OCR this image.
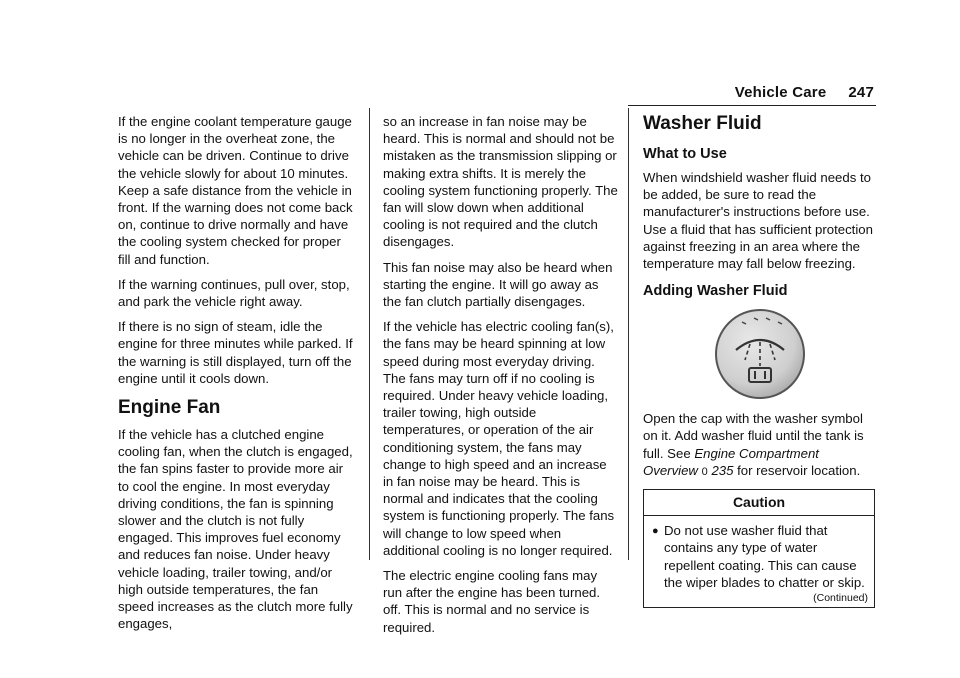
Vehicle Care 247

If the engine coolant temperature gauge is no longer in the overheat zone, the vehicle can be driven. Continue to drive the vehicle slowly for about 10 minutes. Keep a safe distance from the vehicle in front. If the warning does not come back on, continue to drive normally and have the cooling system checked for proper fill and function.

If the warning continues, pull over, stop, and park the vehicle right away.

If there is no sign of steam, idle the engine for three minutes while parked. If the warning is still displayed, turn off the engine until it cools down.

Engine Fan

If the vehicle has a clutched engine cooling fan, when the clutch is engaged, the fan spins faster to provide more air to cool the engine. In most everyday driving conditions, the fan is spinning slower and the clutch is not fully engaged. This improves fuel economy and reduces fan noise. Under heavy vehicle loading, trailer towing, and/or high outside temperatures, the fan speed increases as the clutch more fully engages,

so an increase in fan noise may be heard. This is normal and should not be mistaken as the transmission slipping or making extra shifts. It is merely the cooling system functioning properly. The fan will slow down when additional cooling is not required and the clutch disengages.

This fan noise may also be heard when starting the engine. It will go away as the fan clutch partially disengages.

If the vehicle has electric cooling fan(s), the fans may be heard spinning at low speed during most everyday driving. The fans may turn off if no cooling is required. Under heavy vehicle loading, trailer towing, high outside temperatures, or operation of the air conditioning system, the fans may change to high speed and an increase in fan noise may be heard. This is normal and indicates that the cooling system is functioning properly. The fans will change to low speed when additional cooling is no longer required.

The electric engine cooling fans may run after the engine has been turned. off. This is normal and no service is required.

Washer Fluid
What to Use

When windshield washer fluid needs to be added, be sure to read the manufacturer's instructions before use. Use a fluid that has sufficient protection against freezing in an area where the temperature may fall below freezing.

Adding Washer Fluid

Open the cap with the washer symbol on it. Add washer fluid until the tank is full. See Engine Compartment Overview 0 235 for reservoir location.

Caution
● Do not use washer fluid that contains any type of water repellent coating. This can cause the wiper blades to chatter or skip.
(Continued)
